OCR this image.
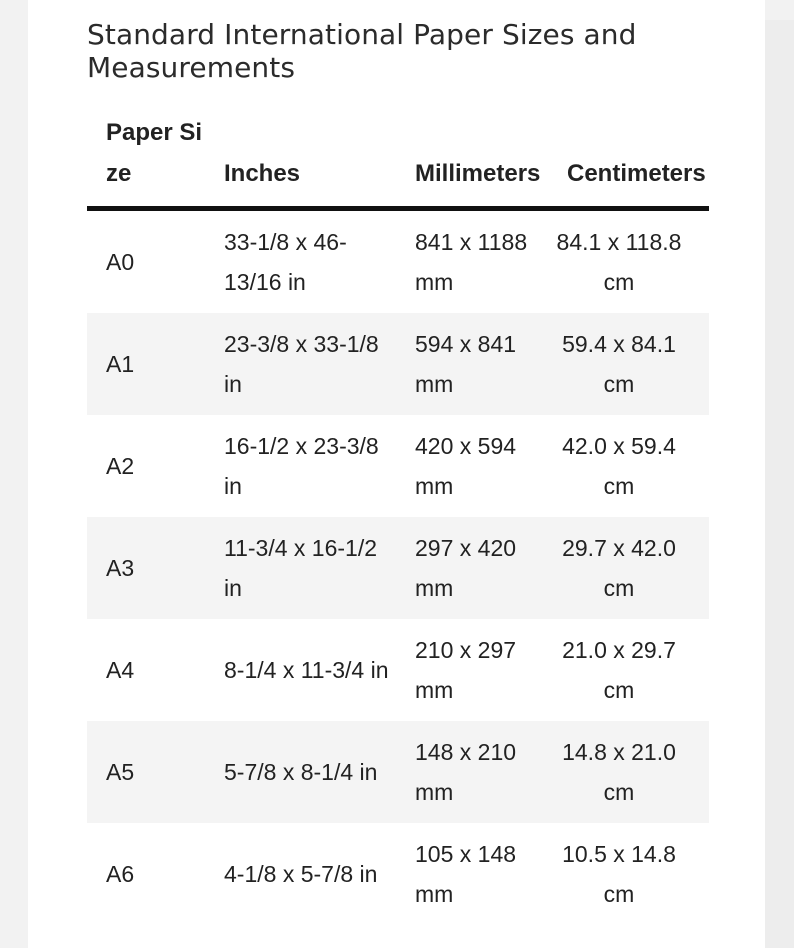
Standard International Paper Sizes and Measurements
Paper Size	Inches	Millimeters	Centimeters
A0	33-1/8 x 46-13/16 in	841 x 1188 mm	84.1 x 118.8 cm
A1	23-3/8 x 33-1/8 in	594 x 841 mm	59.4 x 84.1 cm
A2	16-1/2 x 23-3/8 in	420 x 594 mm	42.0 x 59.4 cm
A3	11-3/4 x 16-1/2 in	297 x 420 mm	29.7 x 42.0 cm
A4	8-1/4 x 11-3/4 in	210 x 297 mm	21.0 x 29.7 cm
A5	5-7/8 x 8-1/4 in	148 x 210 mm	14.8 x 21.0 cm
A6	4-1/8 x 5-7/8 in	105 x 148 mm	10.5 x 14.8 cm
